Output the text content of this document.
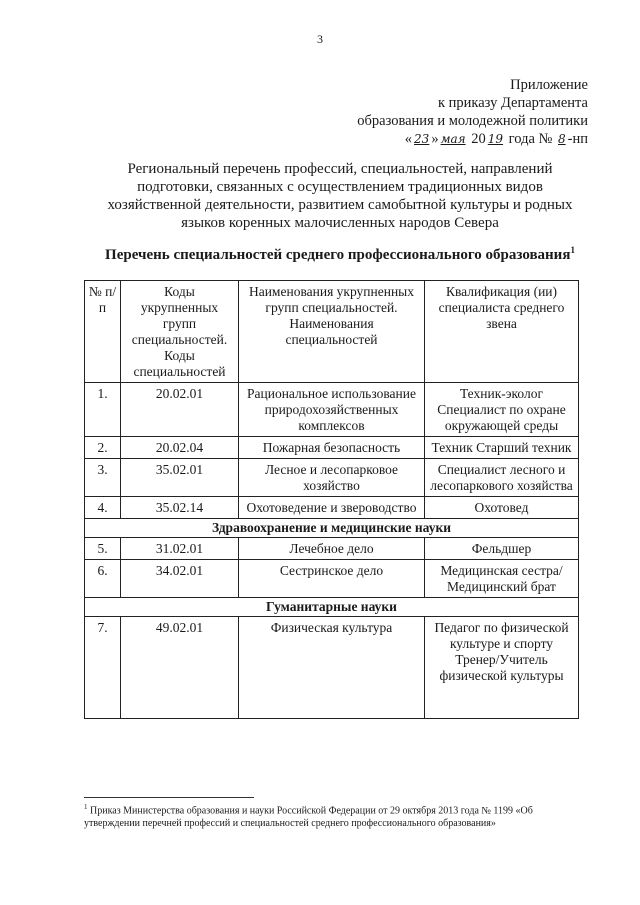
3
Приложение
к приказу Департамента
образования и молодежной политики
« 23 » мая 20 19 года № 8 -нп
Региональный перечень профессий, специальностей, направлений подготовки, связанных с осуществлением традиционных видов хозяйственной деятельности, развитием самобытной культуры и родных языков коренных малочисленных народов Севера
Перечень специальностей среднего профессионального образования$^1$
№ п/п	Коды укрупненных групп специальностей. Коды специальностей	Наименования укрупненных групп специальностей. Наименования специальностей	Квалификация (ии) специалиста среднего звена
1.	20.02.01	Рациональное использование природохозяйственных комплексов	Техник-эколог Специалист по охране окружающей среды
2.	20.02.04	Пожарная безопасность	Техник Старший техник
3.	35.02.01	Лесное и лесопарковое хозяйство	Специалист лесного и лесопаркового хозяйства
4.	35.02.14	Охотоведение и звероводство	Охотовед
Здравоохранение и медицинские науки			
5.	31.02.01	Лечебное дело	Фельдшер
6.	34.02.01	Сестринское дело	Медицинская сестра/ Медицинский брат
Гуманитарные науки			
7.	49.02.01	Физическая культура	Педагог по физической культуре и спорту Тренер/Учитель физической культуры
$^1$ Приказ Министерства образования и науки Российской Федерации от 29 октября 2013 года № 1199 «Об утверждении перечней профессий и специальностей среднего профессионального образования»
